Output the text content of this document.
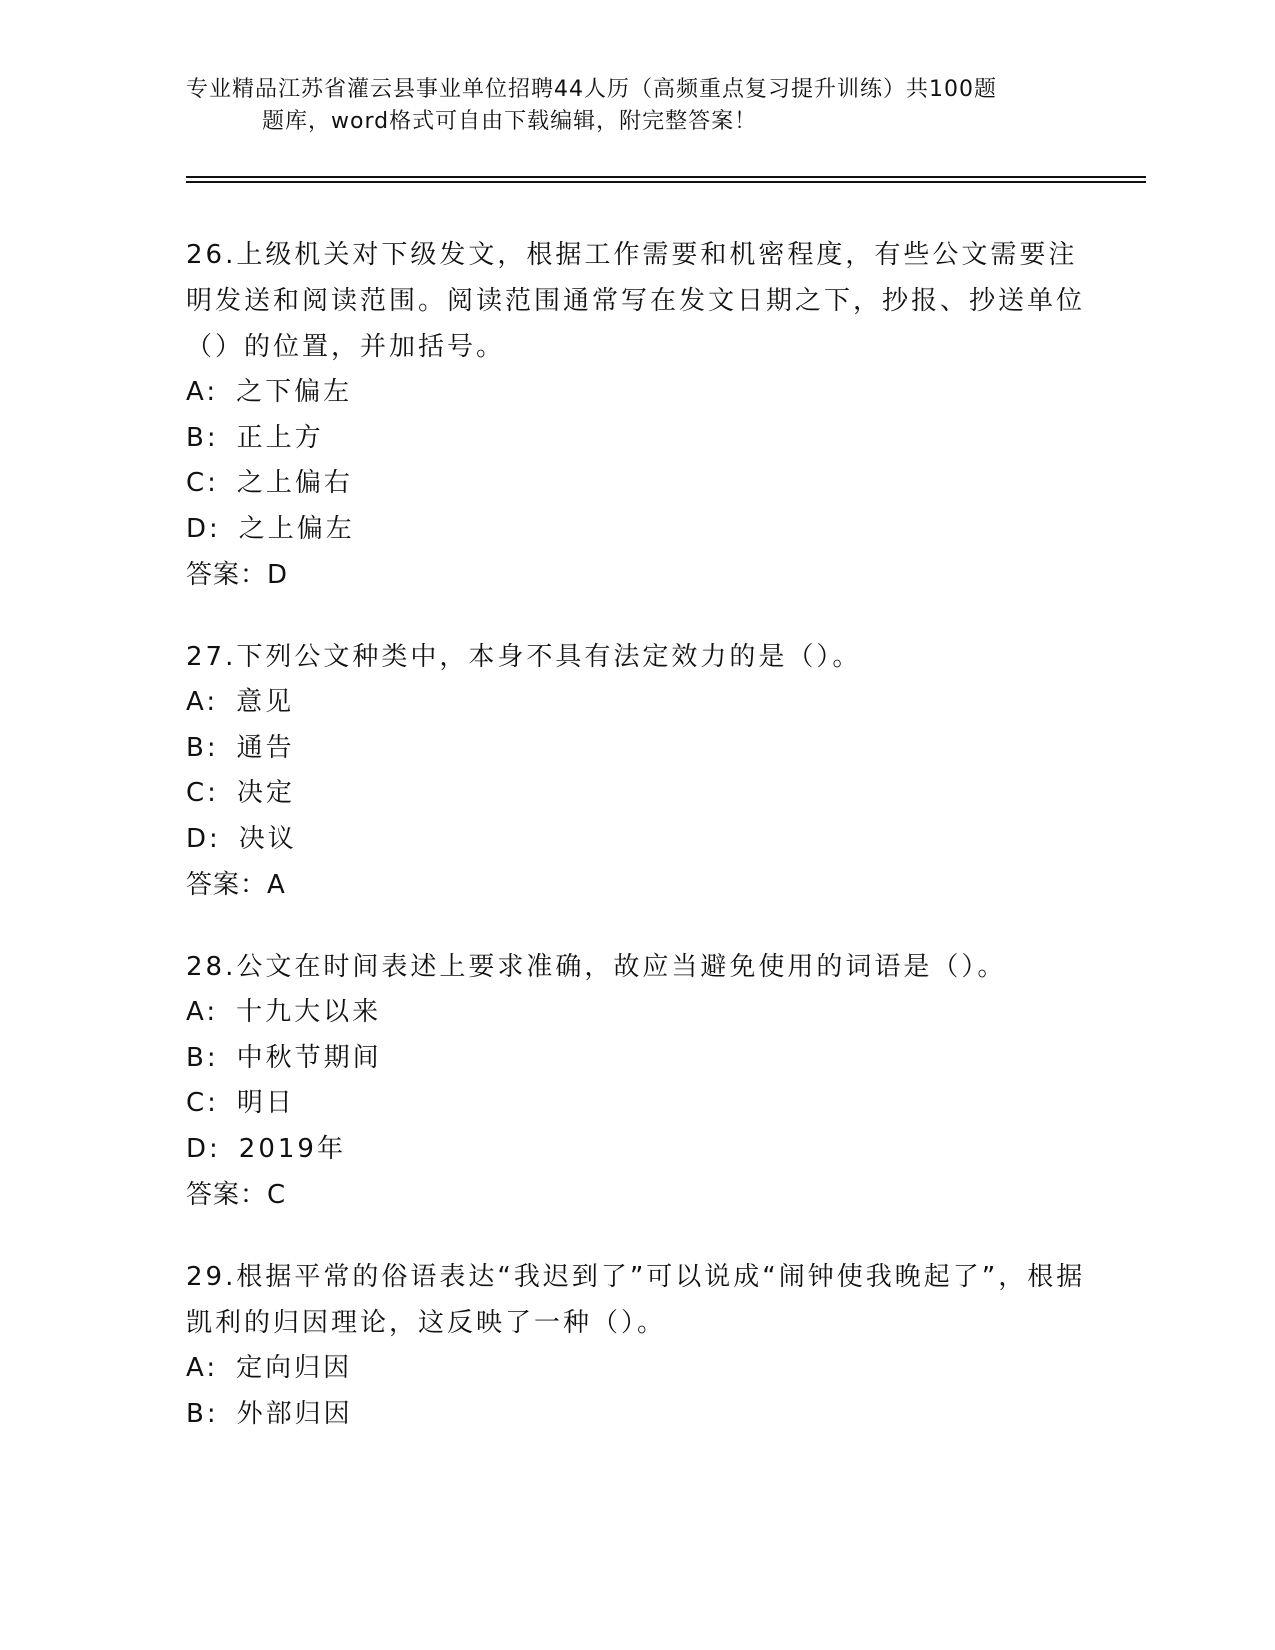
专业精品江苏省灌云县事业单位招聘44人历（高频重点复习提升训练）共100题
题库，word格式可自由下载编辑，附完整答案！
26.上级机关对下级发文，根据工作需要和机密程度，有些公文需要注明发送和阅读范围。阅读范围通常写在发文日期之下，抄报、抄送单位（）的位置，并加括号。
A: 之下偏左
B: 正上方
C: 之上偏右
D: 之上偏左
答案：D
27.下列公文种类中，本身不具有法定效力的是（）。
A: 意见
B: 通告
C: 决定
D: 决议
答案：A
28.公文在时间表述上要求准确，故应当避免使用的词语是（）。
A: 十九大以来
B: 中秋节期间
C: 明日
D: 2019年
答案：C
29.根据平常的俗语表达“我迟到了”可以说成“闹钟使我晚起了”，根据凯利的归因理论，这反映了一种（）。
A: 定向归因
B: 外部归因
